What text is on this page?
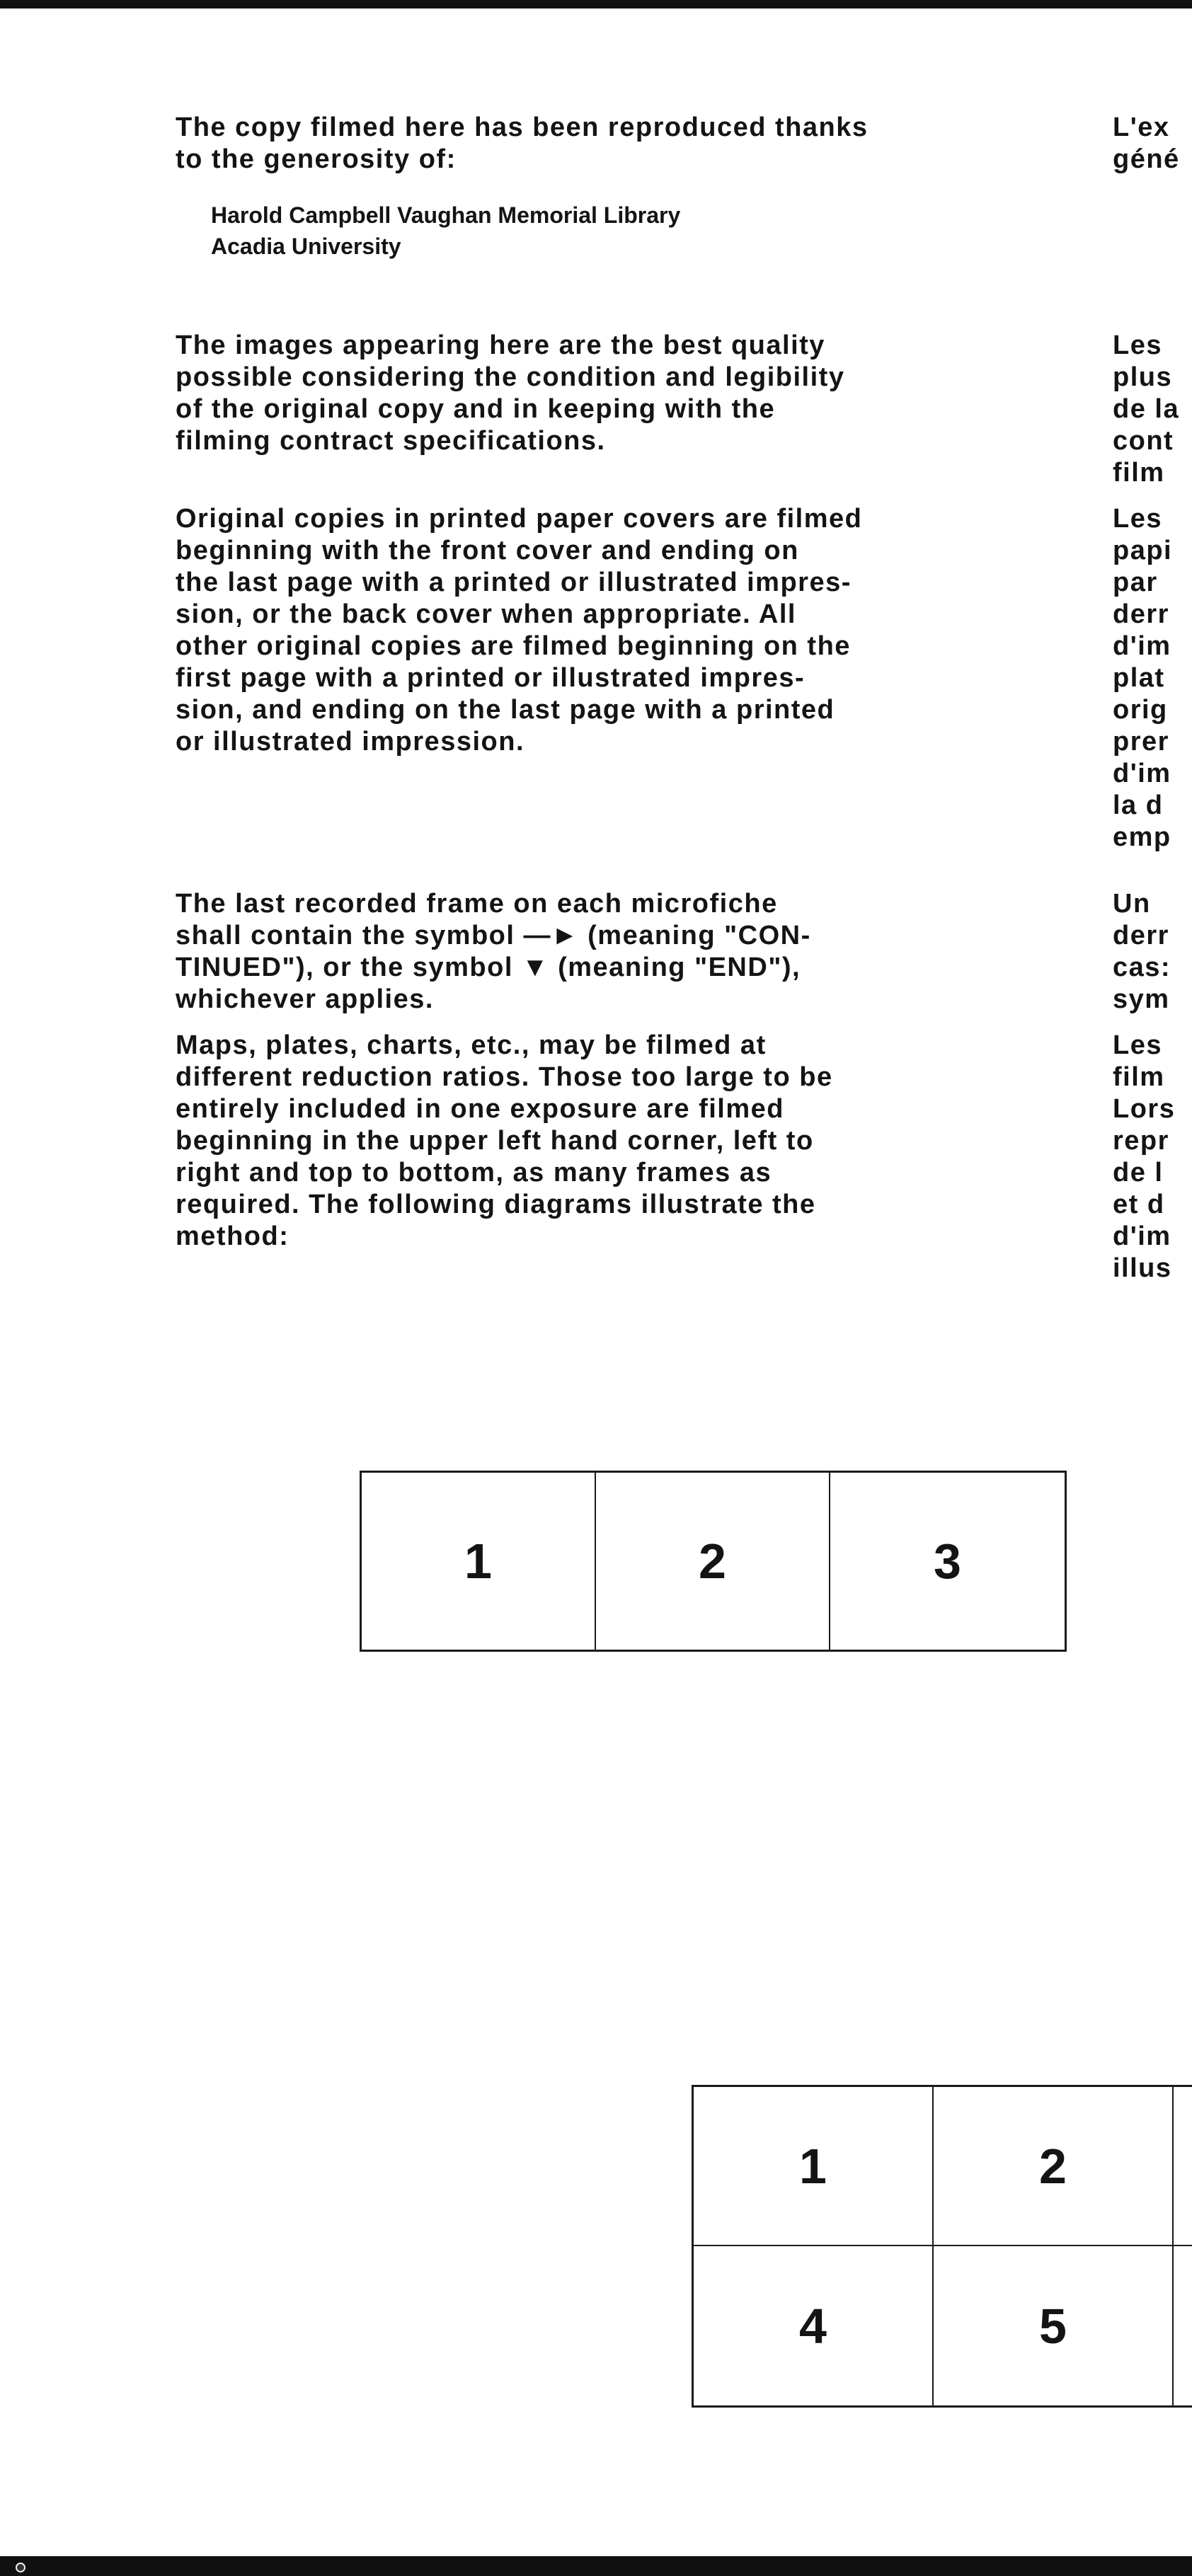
The copy filmed here has been reproduced thanks
to the generosity of:

Harold Campbell Vaughan Memorial Library
Acadia University

The images appearing here are the best quality
possible considering the condition and legibility
of the original copy and in keeping with the
filming contract specifications.

Original copies in printed paper covers are filmed
beginning with the front cover and ending on
the last page with a printed or illustrated impres-
sion, or the back cover when appropriate. All
other original copies are filmed beginning on the
first page with a printed or illustrated impres-
sion, and ending on the last page with a printed
or illustrated impression.

The last recorded frame on each microfiche
shall contain the symbol —► (meaning "CON-
TINUED"), or the symbol ▼ (meaning "END"),
whichever applies.

Maps, plates, charts, etc., may be filmed at
different reduction ratios. Those too large to be
entirely included in one exposure are filmed
beginning in the upper left hand corner, left to
right and top to bottom, as many frames as
required. The following diagrams illustrate the
method:

L'ex
géné

Les
plus
de la
cont
film

Les
papi
par
derr
d'im
plat
orig
prer
d'im
la d
emp

Un
derr
cas:
sym

Les
film
Lors
repr
de l
et d
d'im
illus

1	2	3
1	2
4	5
